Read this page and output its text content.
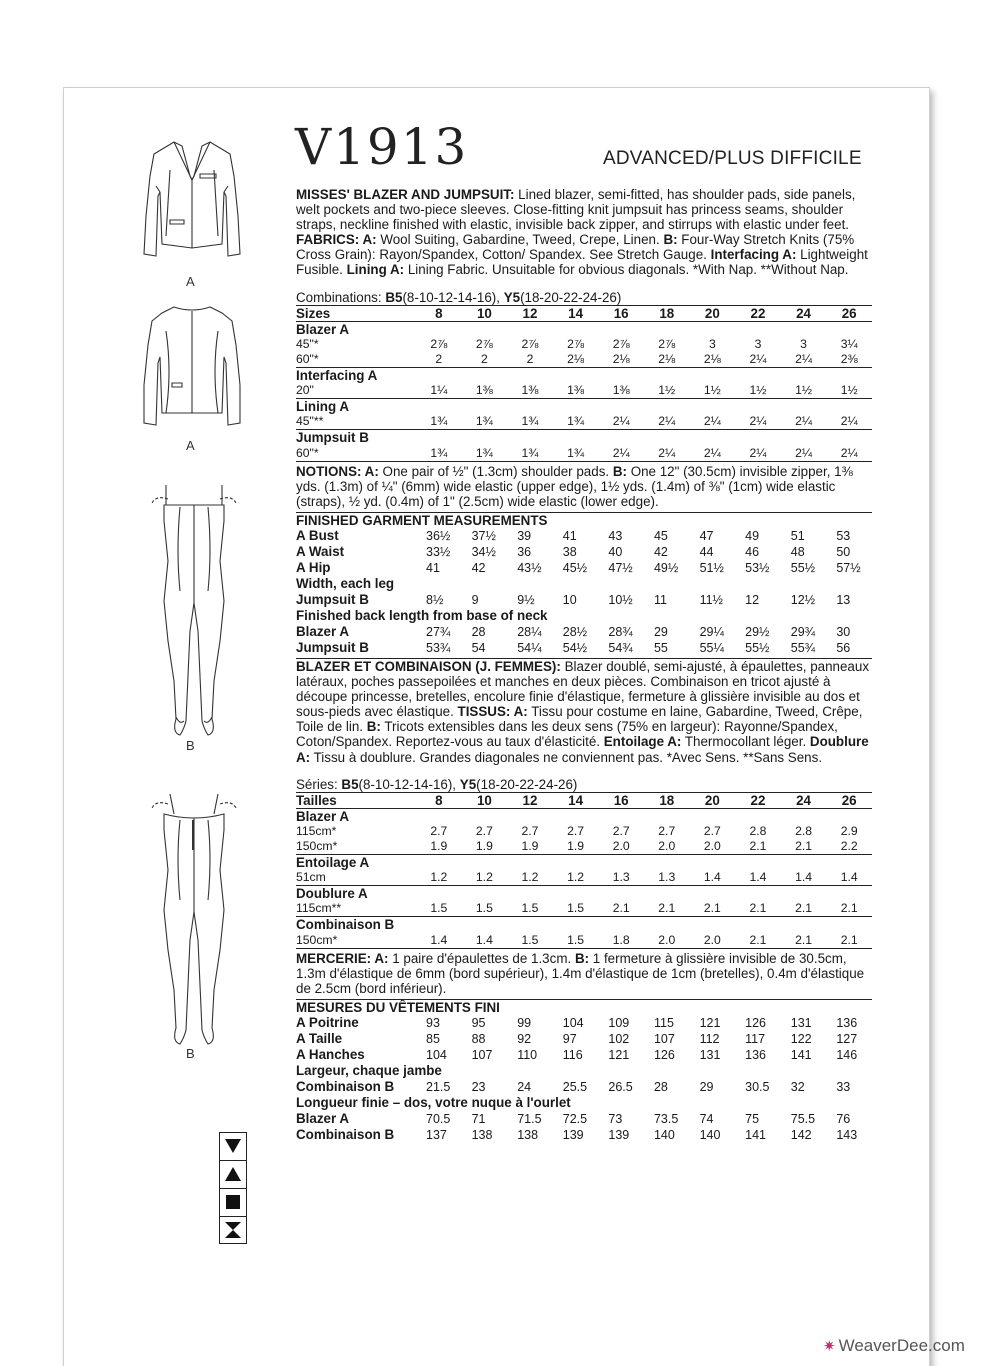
A
A
B
B
V1913	ADVANCED/PLUS DIFFICILE
MISSES' BLAZER AND JUMPSUIT: Lined blazer, semi-fitted, has shoulder pads, side panels, welt pockets and two-piece sleeves. Close-fitting knit jumpsuit has princess seams, shoulder straps, neckline finished with elastic, invisible back zipper, and stirrups with elastic under feet. FABRICS: A: Wool Suiting, Gabardine, Tweed, Crepe, Linen. B: Four-Way Stretch Knits (75% Cross Grain): Rayon/Spandex, Cotton/ Spandex. See Stretch Gauge. Interfacing A: Lightweight Fusible. Lining A: Lining Fabric. Unsuitable for obvious diagonals. *With Nap. **Without Nap.
Combinations: B5(8-10-12-14-16), Y5(18-20-22-24-26)
Sizes	8	10	12	14	16	18	20	22	24	26
Blazer A										
45"*	2⅞	2⅞	2⅞	2⅞	2⅞	2⅞	3	3	3	3¼
60"*	2	2	2	2⅛	2⅛	2⅛	2⅛	2¼	2¼	2⅜
Interfacing A										
20"	1¼	1⅜	1⅜	1⅜	1⅜	1½	1½	1½	1½	1½
Lining A										
45"**	1¾	1¾	1¾	1¾	2¼	2¼	2¼	2¼	2¼	2¼
Jumpsuit B										
60"*	1¾	1¾	1¾	1¾	2¼	2¼	2¼	2¼	2¼	2¼
NOTIONS: A: One pair of ½" (1.3cm) shoulder pads. B: One 12" (30.5cm) invisible zipper, 1⅜ yds. (1.3m) of ¼" (6mm) wide elastic (upper edge), 1½ yds. (1.4m) of ⅜" (1cm) wide elastic (straps), ½ yd. (0.4m) of 1" (2.5cm) wide elastic (lower edge).
FINISHED GARMENT MEASUREMENTS
A Bust	36½	37½	39	41	43	45	47	49	51	53
A Waist	33½	34½	36	38	40	42	44	46	48	50
A Hip	41	42	43½	45½	47½	49½	51½	53½	55½	57½
Width, each leg										
Jumpsuit B	8½	9	9½	10	10½	11	11½	12	12½	13
Finished back length from base of neck										
Blazer A	27¾	28	28¼	28½	28¾	29	29¼	29½	29¾	30
Jumpsuit B	53¾	54	54¼	54½	54¾	55	55¼	55½	55¾	56
BLAZER ET COMBINAISON (J. FEMMES): Blazer doublé, semi-ajusté, à épaulettes, panneaux latéraux, poches passepoilées et manches en deux pièces. Combinaison en tricot ajusté à découpe princesse, bretelles, encolure finie d'élastique, fermeture à glissière invisible au dos et sous-pieds avec élastique. TISSUS: A: Tissu pour costume en laine, Gabardine, Tweed, Crêpe, Toile de lin. B: Tricots extensibles dans les deux sens (75% en largeur): Rayonne/Spandex, Coton/Spandex. Reportez-vous au taux d'élasticité. Entoilage A: Thermocollant léger. Doublure A: Tissu à doublure. Grandes diagonales ne conviennent pas. *Avec Sens. **Sans Sens.
Séries: B5(8-10-12-14-16), Y5(18-20-22-24-26)
Tailles	8	10	12	14	16	18	20	22	24	26
Blazer A										
115cm*	2.7	2.7	2.7	2.7	2.7	2.7	2.7	2.8	2.8	2.9
150cm*	1.9	1.9	1.9	1.9	2.0	2.0	2.0	2.1	2.1	2.2
Entoilage A										
51cm	1.2	1.2	1.2	1.2	1.3	1.3	1.4	1.4	1.4	1.4
Doublure A										
115cm**	1.5	1.5	1.5	1.5	2.1	2.1	2.1	2.1	2.1	2.1
Combinaison B										
150cm*	1.4	1.4	1.5	1.5	1.8	2.0	2.0	2.1	2.1	2.1
MERCERIE: A: 1 paire d'épaulettes de 1.3cm. B: 1 fermeture à glissière invisible de 30.5cm, 1.3m d'élastique de 6mm (bord supérieur), 1.4m d'élastique de 1cm (bretelles), 0.4m d'élastique de 2.5cm (bord inférieur).
MESURES DU VÊTEMENTS FINI
A Poitrine	93	95	99	104	109	115	121	126	131	136
A Taille	85	88	92	97	102	107	112	117	122	127
A Hanches	104	107	110	116	121	126	131	136	141	146
Largeur, chaque jambe										
Combinaison B	21.5	23	24	25.5	26.5	28	29	30.5	32	33
Longueur finie – dos, votre nuque à l'ourlet										
Blazer A	70.5	71	71.5	72.5	73	73.5	74	75	75.5	76
Combinaison B	137	138	138	139	139	140	140	141	142	143
✷ WeaverDee.com
